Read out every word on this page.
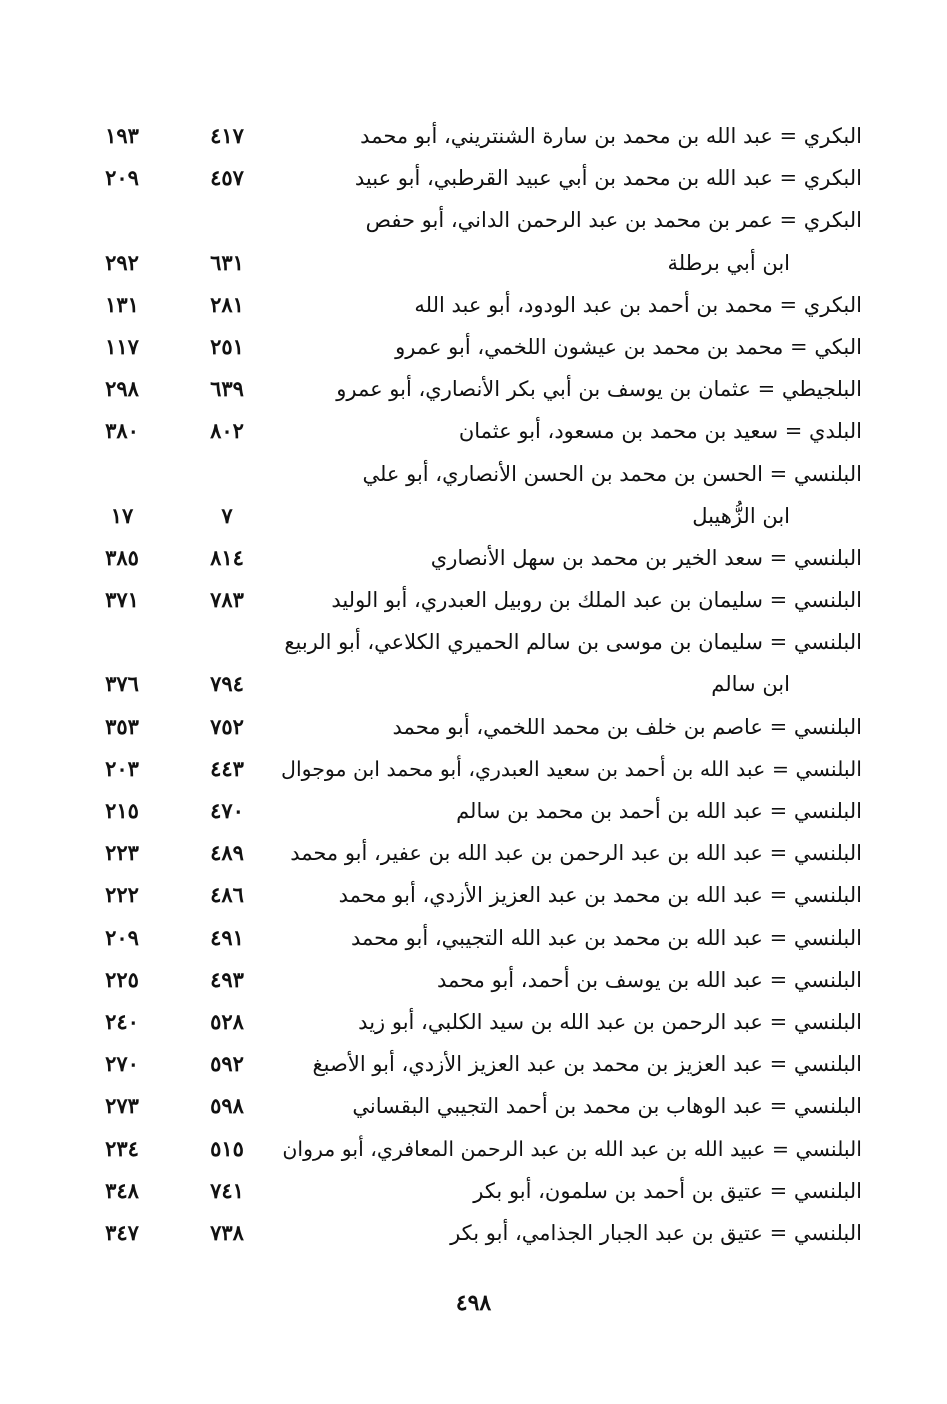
البكري = عبد الله بن محمد بن سارة الشنتريني، أبو محمد
٤١٧
١٩٣
البكري = عبد الله بن محمد بن أبي عبيد القرطبي، أبو عبيد
٤٥٧
٢٠٩
البكري = عمر بن محمد بن عبد الرحمن الداني، أبو حفص
ابن أبي برطلة
٦٣١
٢٩٢
البكري = محمد بن أحمد بن عبد الودود، أبو عبد الله
٢٨١
١٣١
البكي = محمد بن محمد بن عيشون اللخمي، أبو عمرو
٢٥١
١١٧
البلجيطي = عثمان بن يوسف بن أبي بكر الأنصاري، أبو عمرو
٦٣٩
٢٩٨
البلدي = سعيد بن محمد بن مسعود، أبو عثمان
٨٠٢
٣٨٠
البلنسي = الحسن بن محمد بن الحسن الأنصاري، أبو علي
ابن الزُّهيبل
٧
١٧
البلنسي = سعد الخير بن محمد بن سهل الأنصاري
٨١٤
٣٨٥
البلنسي = سليمان بن عبد الملك بن روبيل العبدري، أبو الوليد
٧٨٣
٣٧١
البلنسي = سليمان بن موسى بن سالم الحميري الكلاعي، أبو الربيع
ابن سالم
٧٩٤
٣٧٦
البلنسي = عاصم بن خلف بن محمد اللخمي، أبو محمد
٧٥٢
٣٥٣
البلنسي = عبد الله بن أحمد بن سعيد العبدري، أبو محمد ابن موجوال
٤٤٣
٢٠٣
البلنسي = عبد الله بن أحمد بن محمد بن سالم
٤٧٠
٢١٥
البلنسي = عبد الله بن عبد الرحمن بن عبد الله بن عفير، أبو محمد
٤٨٩
٢٢٣
البلنسي = عبد الله بن محمد بن عبد العزيز الأزدي، أبو محمد
٤٨٦
٢٢٢
البلنسي = عبد الله بن محمد بن عبد الله التجيبي، أبو محمد
٤٩١
٢٠٩
البلنسي = عبد الله بن يوسف بن أحمد، أبو محمد
٤٩٣
٢٢٥
البلنسي = عبد الرحمن بن عبد الله بن سيد الكلبي، أبو زيد
٥٢٨
٢٤٠
البلنسي = عبد العزيز بن محمد بن عبد العزيز الأزدي، أبو الأصبغ
٥٩٢
٢٧٠
البلنسي = عبد الوهاب بن محمد بن أحمد التجيبي البقساني
٥٩٨
٢٧٣
البلنسي = عبيد الله بن عبد الله بن عبد الرحمن المعافري، أبو مروان
٥١٥
٢٣٤
البلنسي = عتيق بن أحمد بن سلمون، أبو بكر
٧٤١
٣٤٨
البلنسي = عتيق بن عبد الجبار الجذامي، أبو بكر
٧٣٨
٣٤٧
٤٩٨
